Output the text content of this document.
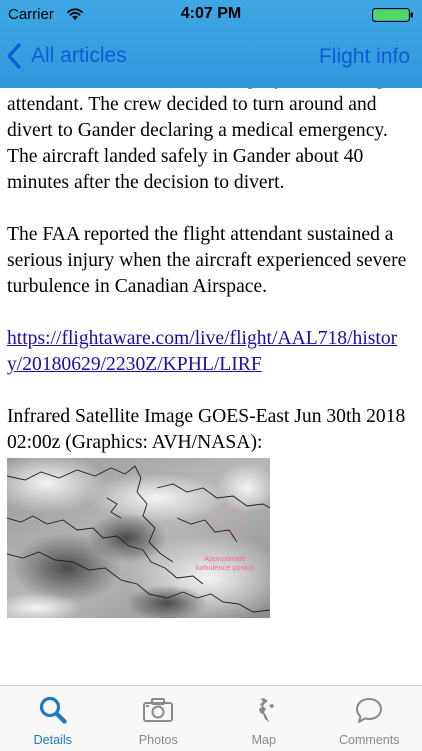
attendant. The crew decided to turn around and divert to Gander declaring a medical emergency. The aircraft landed safely in Gander about 40 minutes after the decision to divert.

The FAA reported the flight attendant sustained a serious injury when the aircraft experienced severe turbulence in Canadian Airspace.

https://flightaware.com/live/flight/AAL718/history/20180629/2230Z/KPHL/LIRF

Infrared Satellite Image GOES-East Jun 30th 2018 02:00z (Graphics: AVH/NASA):

Approximate
turbulence posion
Carrier	4:07 PM
All articles	Flight info
Details	Photos	Map	Comments
